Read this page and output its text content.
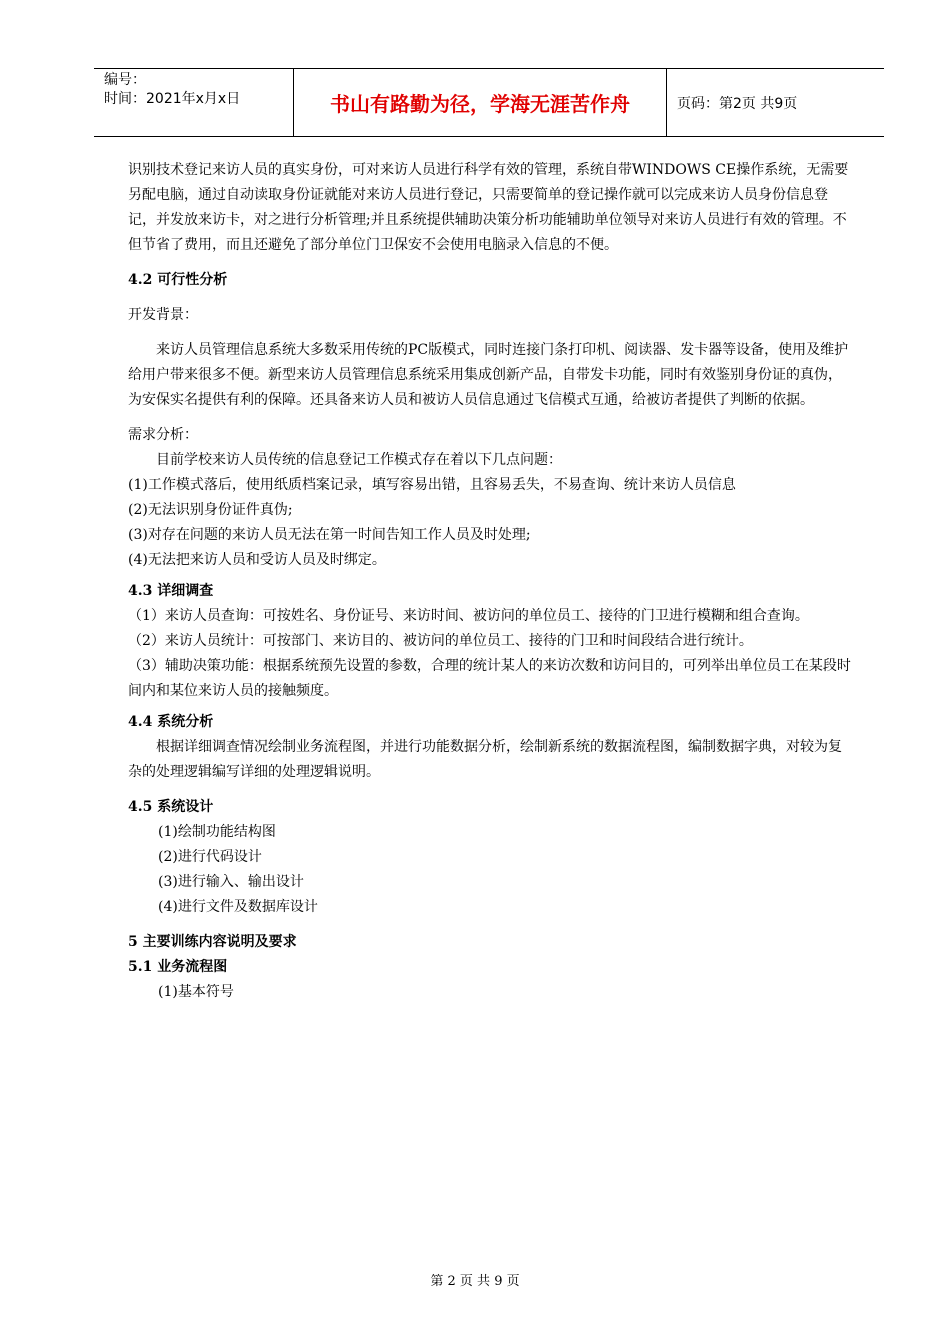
编号：
时间：2021年x月x日	书山有路勤为径，学海无涯苦作舟	页码：第2页 共9页

识别技术登记来访人员的真实身份，可对来访人员进行科学有效的管理，系统自带WINDOWS CE操作系统，无需要另配电脑，通过自动读取身份证就能对来访人员进行登记，只需要简单的登记操作就可以完成来访人员身份信息登记，并发放来访卡，对之进行分析管理;并且系统提供辅助决策分析功能辅助单位领导对来访人员进行有效的管理。不但节省了费用，而且还避免了部分单位门卫保安不会使用电脑录入信息的不便。

4.2 可行性分析

开发背景：

来访人员管理信息系统大多数采用传统的PC版模式，同时连接门条打印机、阅读器、发卡器等设备，使用及维护给用户带来很多不便。新型来访人员管理信息系统采用集成创新产品，自带发卡功能，同时有效鉴别身份证的真伪，为安保实名提供有利的保障。还具备来访人员和被访人员信息通过飞信模式互通，给被访者提供了判断的依据。

需求分析：

目前学校来访人员传统的信息登记工作模式存在着以下几点问题：

(1)工作模式落后，使用纸质档案记录，填写容易出错，且容易丢失，不易查询、统计来访人员信息

(2)无法识别身份证件真伪;

(3)对存在问题的来访人员无法在第一时间告知工作人员及时处理;

(4)无法把来访人员和受访人员及时绑定。

4.3 详细调查

（1）来访人员查询：可按姓名、身份证号、来访时间、被访问的单位员工、接待的门卫进行模糊和组合查询。

（2）来访人员统计：可按部门、来访目的、被访问的单位员工、接待的门卫和时间段结合进行统计。

（3）辅助决策功能：根据系统预先设置的参数，合理的统计某人的来访次数和访问目的，可列举出单位员工在某段时间内和某位来访人员的接触频度。

4.4 系统分析

根据详细调查情况绘制业务流程图，并进行功能数据分析，绘制新系统的数据流程图，编制数据字典，对较为复杂的处理逻辑编写详细的处理逻辑说明。

4.5 系统设计

(1)绘制功能结构图

(2)进行代码设计

(3)进行输入、输出设计

(4)进行文件及数据库设计

5 主要训练内容说明及要求

5.1 业务流程图

(1)基本符号

第 2 页 共 9 页
